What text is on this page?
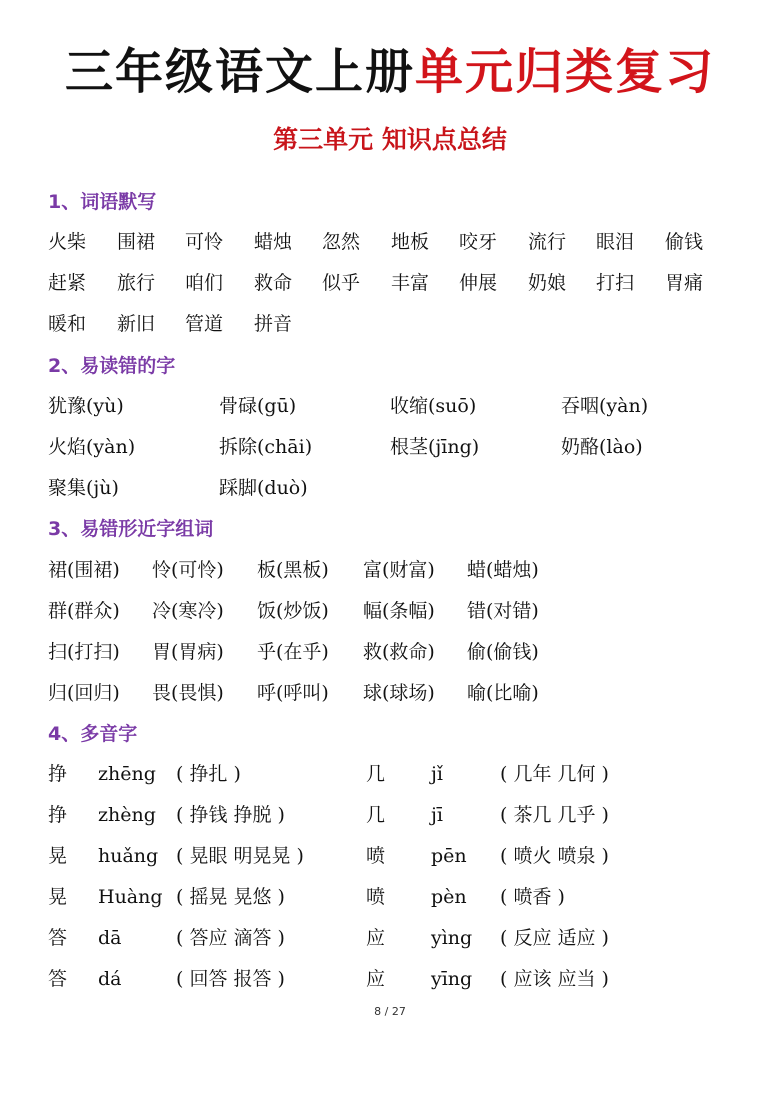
三年级语文上册单元归类复习
第三单元 知识点总结
1、词语默写
火柴 围裙 可怜 蜡烛 忽然 地板 咬牙 流行 眼泪 偷钱
赶紧 旅行 咱们 救命 似乎 丰富 伸展 奶娘 打扫 胃痛
暖和 新旧 管道 拼音
2、易读错的字
犹豫(yù)	骨碌(gū)	收缩(suō)	吞咽(yàn)
火焰(yàn)	拆除(chāi)	根茎(jīng)	奶酪(lào)
聚集(jù)	踩脚(duò)
3、易错形近字组词
裙(围裙) 怜(可怜) 板(黑板) 富(财富) 蜡(蜡烛)
群(群众) 冷(寒冷) 饭(炒饭) 幅(条幅) 错(对错)
扫(打扫) 胃(胃病) 乎(在乎) 救(救命) 偷(偷钱)
归(回归) 畏(畏惧) 呼(呼叫) 球(球场) 喻(比喻)
4、多音字
挣 zhēng ( 挣扎 )	几 jǐ	( 几年 几何 )
挣 zhèng ( 挣钱 挣脱 )	几 jī	( 茶几 几乎 )
晃 huǎng ( 晃眼 明晃晃 )	喷 pēn ( 喷火 喷泉 )
晃 Huàng ( 摇晃 晃悠 )	喷 pèn ( 喷香 )
答 dā	( 答应 滴答 )	应 yìng ( 反应 适应 )
答 dá	( 回答 报答 )	应 yīng ( 应该 应当 )
8 / 27
